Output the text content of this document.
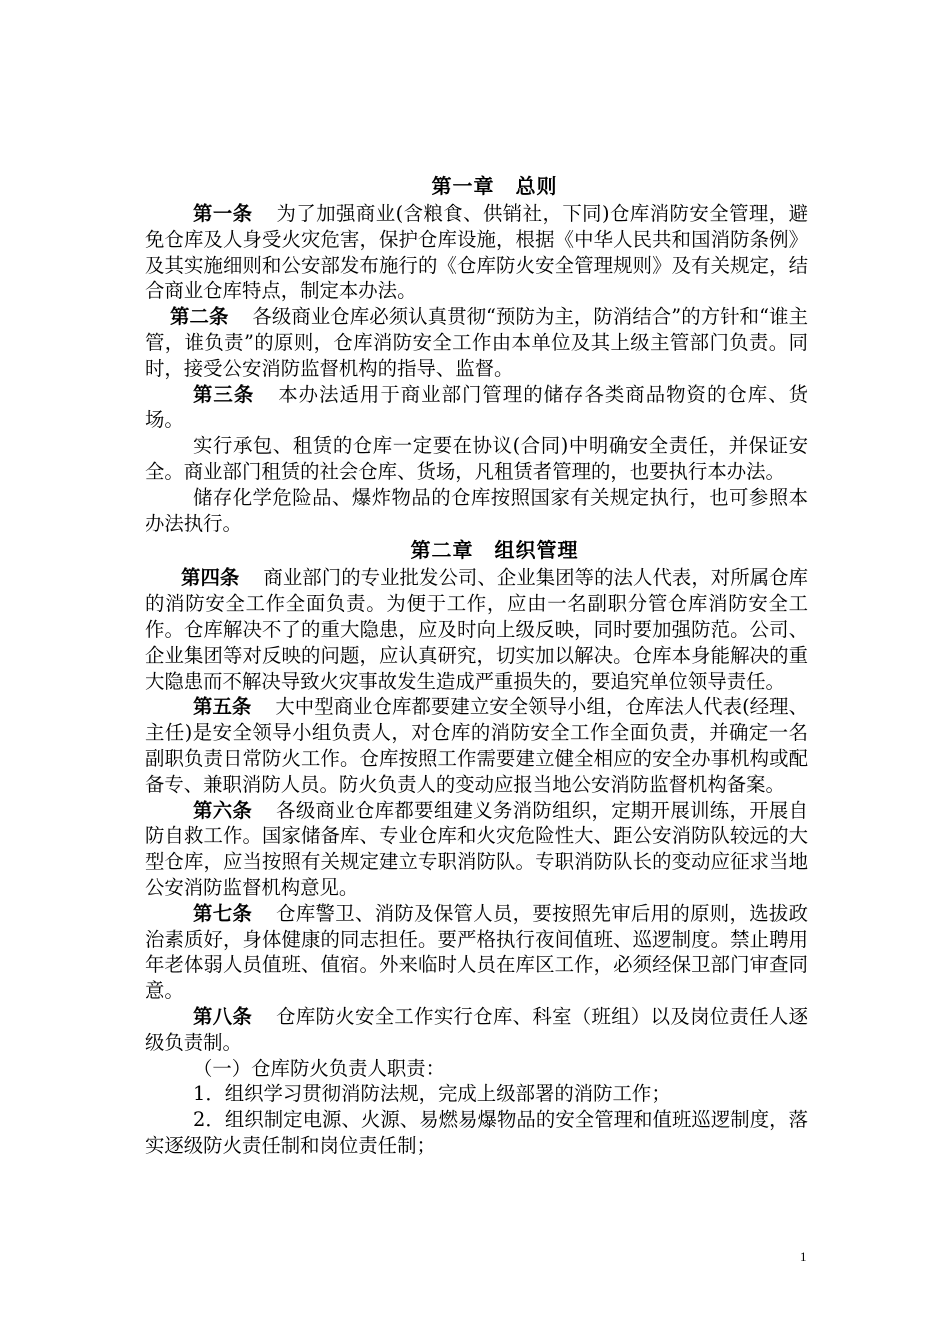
第一章　总则

第一条 为了加强商业(含粮食、供销社，下同)仓库消防安全管理，避免仓库及人身受火灾危害，保护仓库设施，根据《中华人民共和国消防条例》及其实施细则和公安部发布施行的《仓库防火安全管理规则》及有关规定，结合商业仓库特点，制定本办法。

第二条 各级商业仓库必须认真贯彻“预防为主，防消结合”的方针和“谁主管，谁负责”的原则，仓库消防安全工作由本单位及其上级主管部门负责。同时，接受公安消防监督机构的指导、监督。

第三条 本办法适用于商业部门管理的储存各类商品物资的仓库、货场。

实行承包、租赁的仓库一定要在协议(合同)中明确安全责任，并保证安全。商业部门租赁的社会仓库、货场，凡租赁者管理的，也要执行本办法。

储存化学危险品、爆炸物品的仓库按照国家有关规定执行，也可参照本办法执行。

第二章　组织管理

第四条 商业部门的专业批发公司、企业集团等的法人代表，对所属仓库的消防安全工作全面负责。为便于工作，应由一名副职分管仓库消防安全工作。仓库解决不了的重大隐患，应及时向上级反映，同时要加强防范。公司、企业集团等对反映的问题，应认真研究，切实加以解决。仓库本身能解决的重大隐患而不解决导致火灾事故发生造成严重损失的，要追究单位领导责任。

第五条 大中型商业仓库都要建立安全领导小组，仓库法人代表(经理、主任)是安全领导小组负责人，对仓库的消防安全工作全面负责，并确定一名副职负责日常防火工作。仓库按照工作需要建立健全相应的安全办事机构或配备专、兼职消防人员。防火负责人的变动应报当地公安消防监督机构备案。

第六条 各级商业仓库都要组建义务消防组织，定期开展训练，开展自防自救工作。国家储备库、专业仓库和火灾危险性大、距公安消防队较远的大型仓库，应当按照有关规定建立专职消防队。专职消防队长的变动应征求当地公安消防监督机构意见。

第七条 仓库警卫、消防及保管人员，要按照先审后用的原则，选拔政治素质好，身体健康的同志担任。要严格执行夜间值班、巡逻制度。禁止聘用年老体弱人员值班、值宿。外来临时人员在库区工作，必须经保卫部门审查同意。

第八条 仓库防火安全工作实行仓库、科室（班组）以及岗位责任人逐级负责制。

（一）仓库防火负责人职责：

1．组织学习贯彻消防法规，完成上级部署的消防工作；

2．组织制定电源、火源、易燃易爆物品的安全管理和值班巡逻制度，落实逐级防火责任制和岗位责任制；

1
